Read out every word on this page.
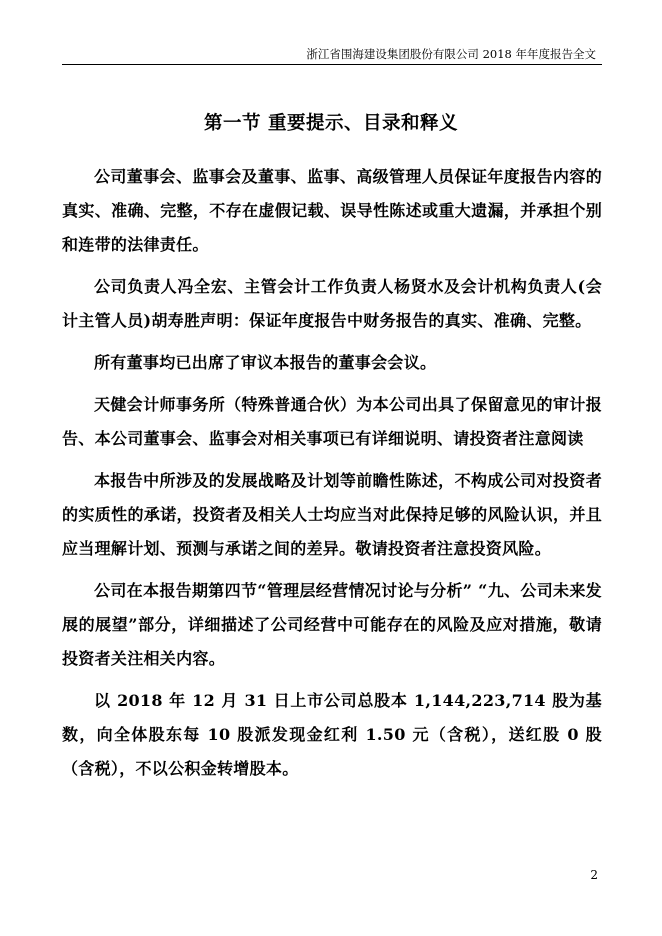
浙江省围海建设集团股份有限公司 2018 年年度报告全文
第一节 重要提示、目录和释义

公司董事会、监事会及董事、监事、高级管理人员保证年度报告内容的真实、准确、完整，不存在虚假记载、误导性陈述或重大遗漏，并承担个别和连带的法律责任。

公司负责人冯全宏、主管会计工作负责人杨贤水及会计机构负责人(会计主管人员)胡寿胜声明：保证年度报告中财务报告的真实、准确、完整。

所有董事均已出席了审议本报告的董事会会议。

天健会计师事务所（特殊普通合伙）为本公司出具了保留意见的审计报告、本公司董事会、监事会对相关事项已有详细说明、请投资者注意阅读

本报告中所涉及的发展战略及计划等前瞻性陈述，不构成公司对投资者的实质性的承诺，投资者及相关人士均应当对此保持足够的风险认识，并且应当理解计划、预测与承诺之间的差异。敬请投资者注意投资风险。

公司在本报告期第四节“管理层经营情况讨论与分析” “九、公司未来发展的展望”部分，详细描述了公司经营中可能存在的风险及应对措施，敬请投资者关注相关内容。

以 2018 年 12 月 31 日上市公司总股本 1,144,223,714 股为基数，向全体股东每 10 股派发现金红利 1.50 元（含税），送红股 0 股（含税），不以公积金转增股本。

2
